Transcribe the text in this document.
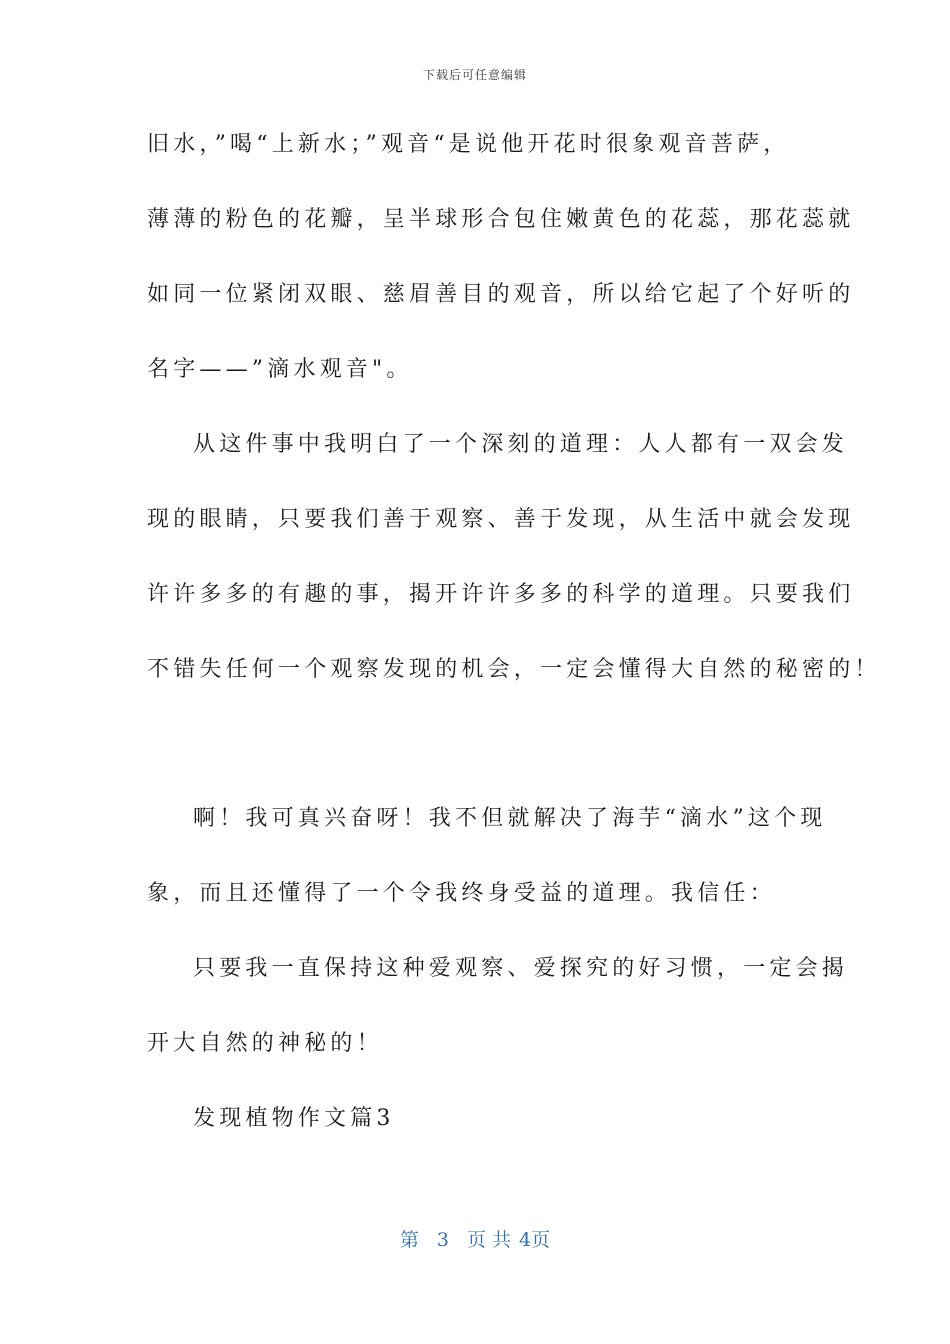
下载后可任意编辑
旧水，”喝“上新水；”观音“是说他开花时很象观音菩萨，
薄薄的粉色的花瓣，呈半球形合包住嫩黄色的花蕊，那花蕊就
如同一位紧闭双眼、慈眉善目的观音，所以给它起了个好听的
名字——”滴水观音"。
从这件事中我明白了一个深刻的道理：人人都有一双会发
现的眼睛，只要我们善于观察、善于发现，从生活中就会发现
许许多多的有趣的事，揭开许许多多的科学的道理。只要我们
不错失任何一个观察发现的机会，一定会懂得大自然的秘密的！
啊！我可真兴奋呀！我不但就解决了海芋“滴水”这个现
象，而且还懂得了一个令我终身受益的道理。我信任：
只要我一直保持这种爱观察、爱探究的好习惯，一定会揭
开大自然的神秘的！
发现植物作文篇3
第 3 页 共 4页
